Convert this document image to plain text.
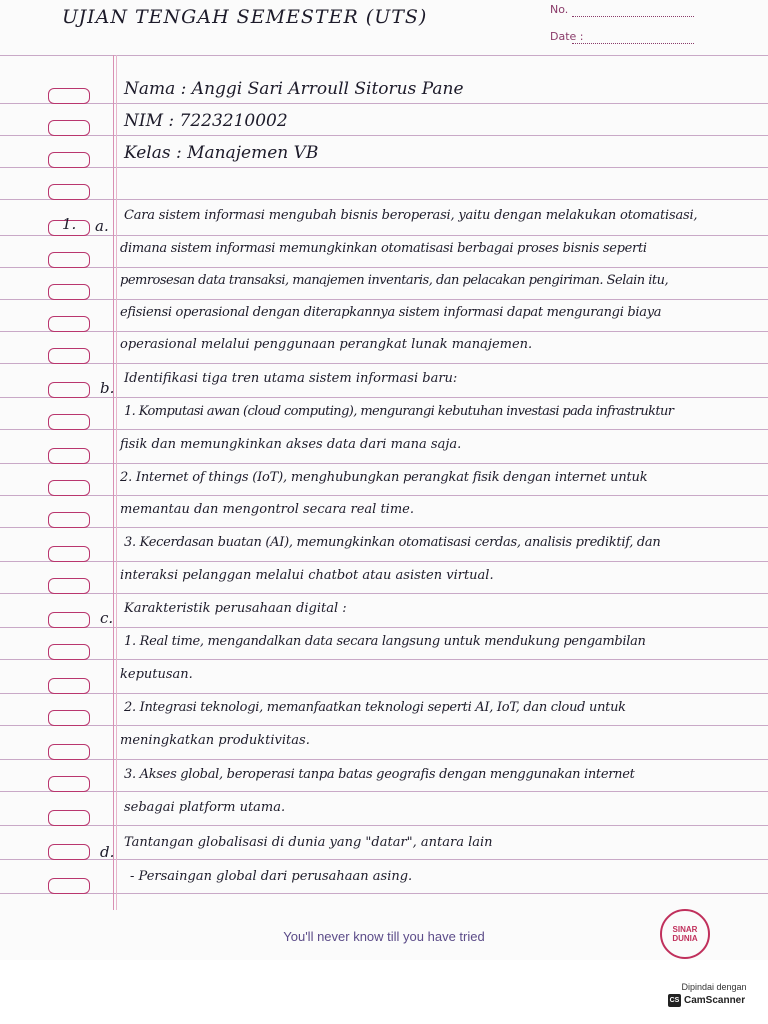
UJIAN TENGAH SEMESTER (UTS)	No.
Date :
Nama : Anggi Sari Arroull Sitorus Pane
NIM : 7223210002
Kelas : Manajemen VB
1. a.
b.
c.
d.
Cara sistem informasi mengubah bisnis beroperasi, yaitu dengan melakukan otomatisasi,
dimana sistem informasi memungkinkan otomatisasi berbagai proses bisnis seperti
pemrosesan data transaksi, manajemen inventaris, dan pelacakan pengiriman. Selain itu,
efisiensi operasional dengan diterapkannya sistem informasi dapat mengurangi biaya
operasional melalui penggunaan perangkat lunak manajemen.
Identifikasi tiga tren utama sistem informasi baru:
1. Komputasi awan (cloud computing), mengurangi kebutuhan investasi pada infrastruktur
fisik dan memungkinkan akses data dari mana saja.
2. Internet of things (IoT), menghubungkan perangkat fisik dengan internet untuk
memantau dan mengontrol secara real time.
3. Kecerdasan buatan (AI), memungkinkan otomatisasi cerdas, analisis prediktif, dan
interaksi pelanggan melalui chatbot atau asisten virtual.
Karakteristik perusahaan digital :
1. Real time, mengandalkan data secara langsung untuk mendukung pengambilan
keputusan.
2. Integrasi teknologi, memanfaatkan teknologi seperti AI, IoT, dan cloud untuk
meningkatkan produktivitas.
3. Akses global, beroperasi tanpa batas geografis dengan menggunakan internet
sebagai platform utama.
Tantangan globalisasi di dunia yang "datar", antara lain
- Persaingan global dari perusahaan asing.
You'll never know till you have tried	SINAR
DUNIA
Dipindai dengan
CS CamScanner
